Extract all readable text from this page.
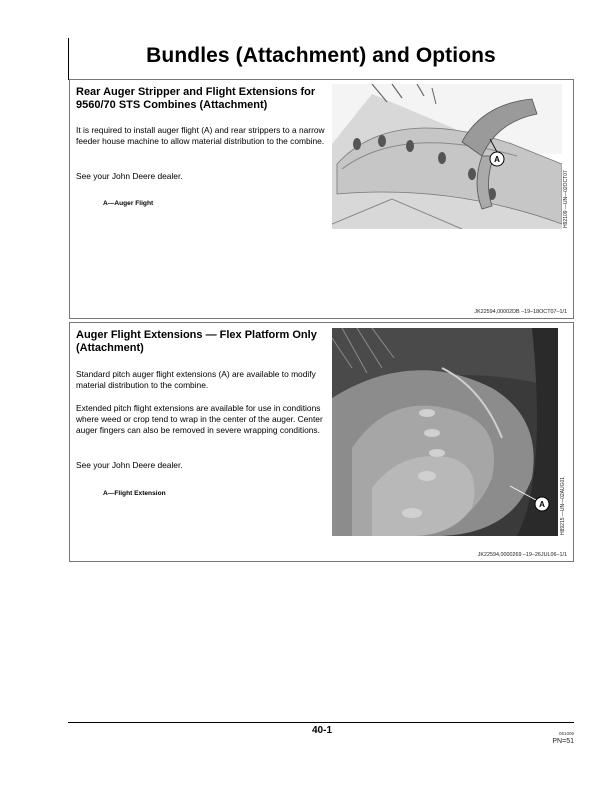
Bundles (Attachment) and Options
Rear Auger Stripper and Flight Extensions for 9560/70 STS Combines (Attachment)

It is required to install auger flight (A) and rear strippers to a narrow feeder house machine to allow material distribution to the combine.

See your John Deere dealer.

A—Auger Flight
A
H92109 —UN—02OCT07
JK22594,00002DB –19–18OCT07–1/1
Auger Flight Extensions — Flex Platform Only (Attachment)

Standard pitch auger flight extensions (A) are available to modify material distribution to the combine.

Extended pitch flight extensions are available for use in conditions where weed or crop tend to wrap in the center of the auger. Center auger fingers can also be removed in severe wrapping conditions.

See your John Deere dealer.

A—Flight Extension
A	H89215 —UN—02AUG01
JK22594,0000269 –19–26JUL06–1/1
40-1	061006
PN=51
